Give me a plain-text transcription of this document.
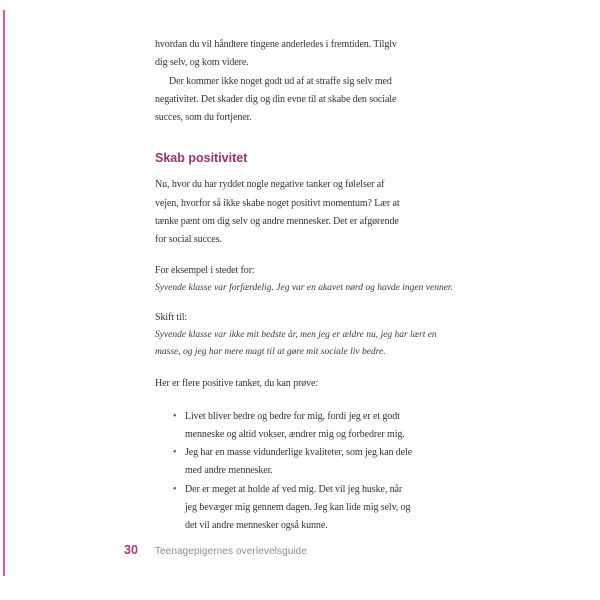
hvordan du vil håndtere tingene anderledes i fremtiden. Tilgiv
dig selv, og kom videre.
Der kommer ikke noget godt ud af at straffe sig selv med
negativitet. Det skader dig og din evne til at skabe den sociale
succes, som du fortjener.
Skab positivitet
Nu, hvor du har ryddet nogle negative tanker og følelser af
vejen, hvorfor så ikke skabe noget positivt momentum? Lær at
tænke pænt om dig selv og andre mennesker. Det er afgørende
for social succes.
For eksempel i stedet for:
Syvende klasse var forfærdelig. Jeg var en akavet nørd og havde ingen venner.
Skift til:
Syvende klasse var ikke mit bedste år, men jeg er ældre nu, jeg har lært en
masse, og jeg har mere magt til at gøre mit sociale liv bedre.
Her er flere positive tanker, du kan prøve:
• Livet bliver bedre og bedre for mig, fordi jeg er et godt
menneske og altid vokser, ændrer mig og forbedrer mig.
• Jeg har en masse vidunderlige kvaliteter, som jeg kan dele
med andre mennesker.
• Der er meget at holde af ved mig. Det vil jeg huske, når
jeg bevæger mig gennem dagen. Jeg kan lide mig selv, og
det vil andre mennesker også kunne.
30 Teenagepigernes overlevelsguide
